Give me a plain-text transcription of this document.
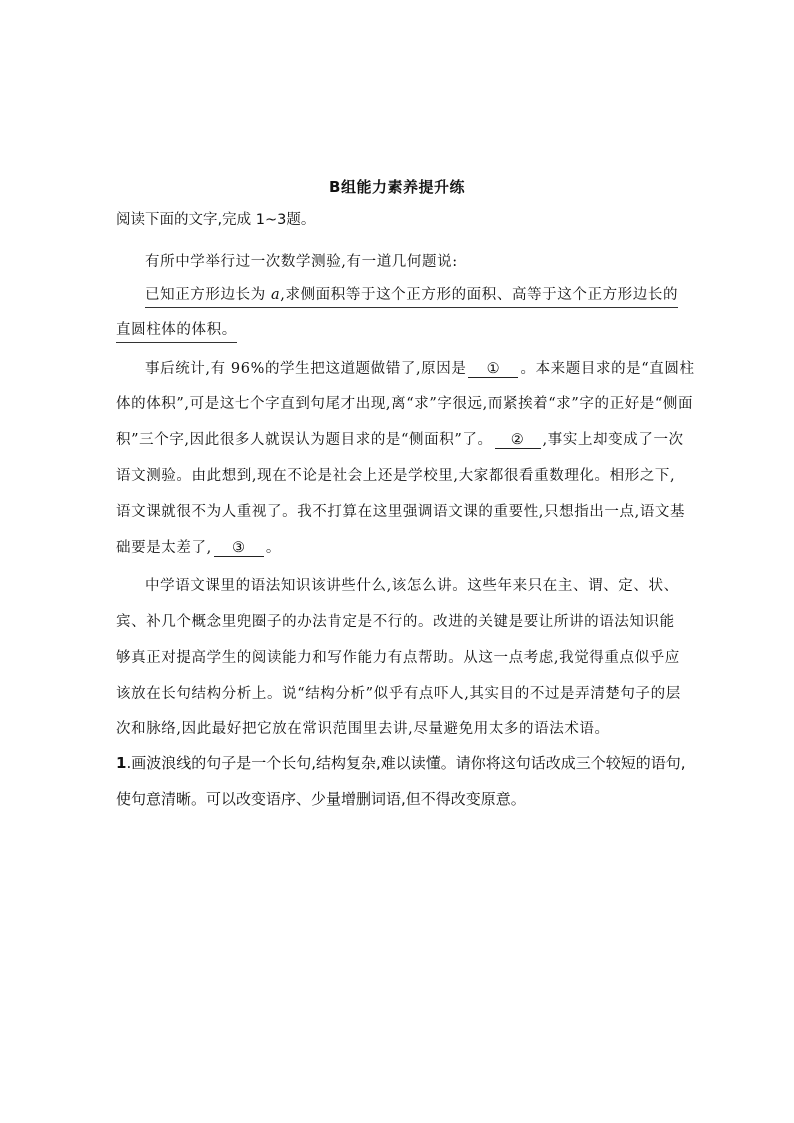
B组能力素养提升练
阅读下面的文字,完成 1~3题。
有所中学举行过一次数学测验,有一道几何题说:
已知正方形边长为 a,求侧面积等于这个正方形的面积、高等于这个正方形边长的
直圆柱体的体积。
事后统计,有 96%的学生把这道题做错了,原因是 ① 。本来题目求的是“直圆柱
体的体积”,可是这七个字直到句尾才出现,离“求”字很远,而紧挨着“求”字的正好是“侧面
积”三个字,因此很多人就误认为题目求的是“侧面积”了。 ② ,事实上却变成了一次
语文测验。由此想到,现在不论是社会上还是学校里,大家都很看重数理化。相形之下,
语文课就很不为人重视了。我不打算在这里强调语文课的重要性,只想指出一点,语文基
础要是太差了, ③ 。
中学语文课里的语法知识该讲些什么,该怎么讲。这些年来只在主、谓、定、状、
宾、补几个概念里兜圈子的办法肯定是不行的。改进的关键是要让所讲的语法知识能
够真正对提高学生的阅读能力和写作能力有点帮助。从这一点考虑,我觉得重点似乎应
该放在长句结构分析上。说“结构分析”似乎有点吓人,其实目的不过是弄清楚句子的层
次和脉络,因此最好把它放在常识范围里去讲,尽量避免用太多的语法术语。
1.画波浪线的句子是一个长句,结构复杂,难以读懂。请你将这句话改成三个较短的语句,
使句意清晰。可以改变语序、少量增删词语,但不得改变原意。
